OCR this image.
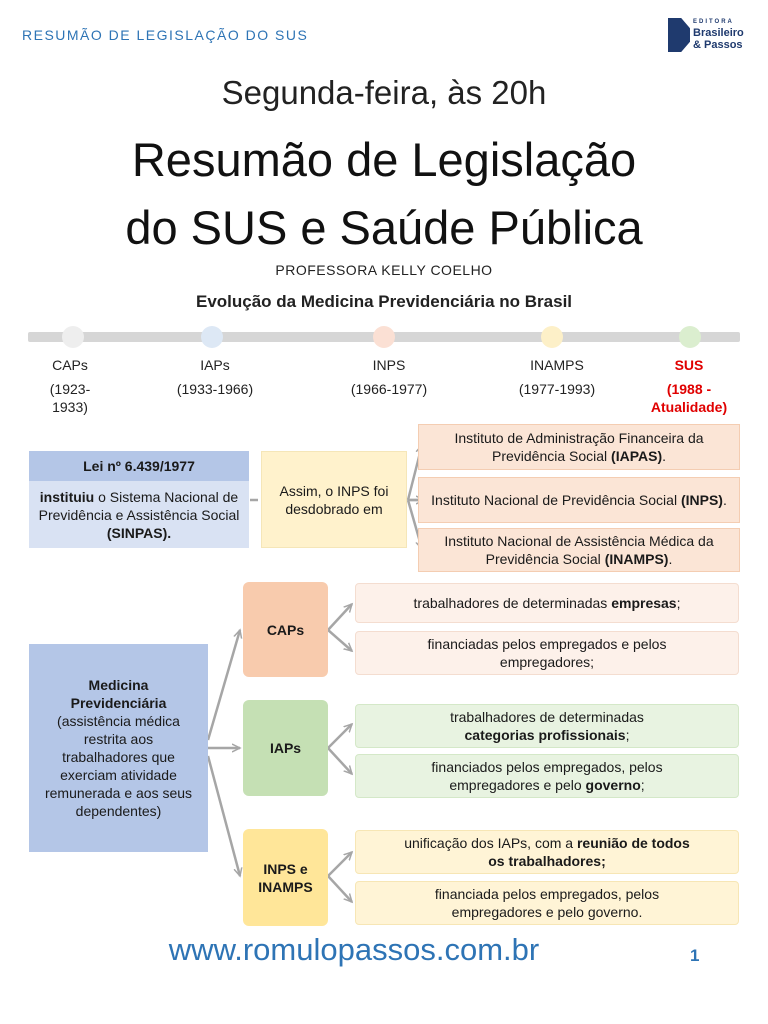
RESUMÃO DE LEGISLAÇÃO DO SUS
EDITORA
Brasileiro
& Passos
Segunda-feira, às 20h
Resumão de Legislação
do SUS e Saúde Pública
PROFESSORA KELLY COELHO
Evolução da Medicina Previdenciária no Brasil
CAPs
(1923-
1933)
IAPs
(1933-1966)
INPS
(1966-1977)
INAMPS
(1977-1993)
SUS
(1988 -
Atualidade)
Lei nº 6.439/1977
instituiu o Sistema Nacional de Previdência e Assistência Social (SINPAS).
Assim, o INPS foi desdobrado em
Instituto de Administração Financeira da Previdência Social (IAPAS).
Instituto Nacional de Previdência Social (INPS).
Instituto Nacional de Assistência Médica da Previdência Social (INAMPS).
Medicina Previdenciária
(assistência médica restrita aos trabalhadores que exerciam atividade remunerada e aos seus dependentes)
CAPs
IAPs
INPS e INAMPS
trabalhadores de determinadas empresas;
financiadas pelos empregados e pelos empregadores;
trabalhadores de determinadas categorias profissionais;
financiados pelos empregados, pelos empregadores e pelo governo;
unificação dos IAPs, com a reunião de todos os trabalhadores;
financiada pelos empregados, pelos empregadores e pelo governo.
www.romulopassos.com.br	1
